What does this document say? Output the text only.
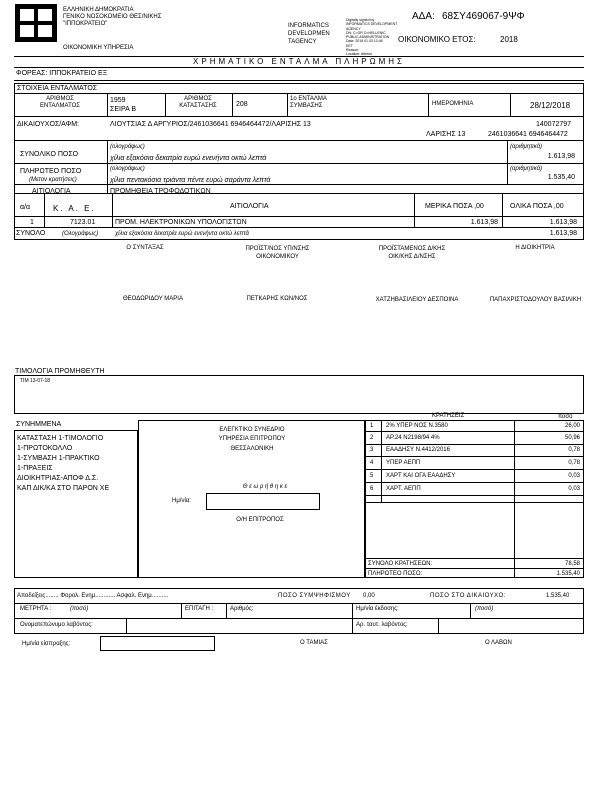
ΕΛΛΗΝΙΚΗ ΔΗΜΟΚΡΑΤΙΑ
ΓΕΝΙΚΟ ΝΟΣΟΚΟΜΕΙΟ ΘΕΣ/ΝΙΚΗΣ
"ΙΠΠΟΚΡΑΤΕΙΟ"
ΟΙΚΟΝΟΜΙΚΗ ΥΠΗΡΕΣΙΑ
INFORMATICS
DEVELOPMEN
TAGENCY
Digitally signed by
INFORMATICS DEVELOPMENT
AGENCY
DN: C=GR O=HELLENIC
PUBLIC ADMINISTRATION
Date: 2019.01.03 13:46
EET
Reason:
Location: Athens
ΑΔΑ: 68ΣΥ469067-9ΨΦ
ΟΙΚΟΝΟΜΙΚΟ ΕΤΟΣ:	2018
ΧΡΗΜΑΤΙΚΟ ΕΝΤΑΛΜΑ ΠΛΗΡΩΜΗΣ
ΦΟΡΕΑΣ: ΙΠΠΟΚΡΑΤΕΙΟ ΕΞ
ΣΤΟΙΧΕΙΑ ΕΝΤΑΛΜΑΤΟΣ
ΑΡΙΘΜΟΣ ΕΝΤΑΛΜΑΤΟΣ
1959
ΣΕΙΡΑ Β
ΑΡΙΘΜΟΣ ΚΑΤΑΣΤΑΣΗΣ	208
1ο ΕΝΤΑΛΜΑ ΣΥΜΒΑΣΗΣ	ΗΜΕΡΟΜΗΝΙΑ	28/12/2018
ΔΙΚΑΙΟΥΧΟΣ/ΑΦΜ:	ΛΙΟΥΤΣΙΑΣ Δ ΑΡΓΥΡΙΟΣ/2461036641 6946464472/ΛΑΡΙΣΗΣ 13	140072797
ΛΑΡΙΣΗΣ 13	2461036641 6946464472
ΣΥΝΟΛΙΚΟ ΠΟΣΟ
(ολογράφως)
χίλια εξακόσια δεκατρία ευρώ ενενήντα οκτώ λεπτά
(αριθμητικά)
1.613,98
ΠΛΗΡΩΤΕΟ ΠΟΣΟ
(Μετον κρατήσεις)
(ολογράφως)
χίλια πεντακόσια τριάντα πέντε ευρώ σαράντα λεπτά
(αριθμητικά)
1.535,40
ΑΙΤΙΟΛΟΓΙΑ	ΠΡΟΜΗΘΕΙΑ ΤΡΟΦΟΔΟΤΙΚΩΝ
α/α	Κ. Α. Ε.	ΑΙΤΙΟΛΟΓΙΑ	ΜΕΡΙΚΑ ΠΟΣΑ ,00	ΟΛΙΚΑ ΠΟΣΑ ,00
1	7123.01	ΠΡΟΜ. ΗΛΕΚΤΡΟΝΙΚΩΝ ΥΠΟΛΟΓΙΣΤΩΝ	1.613,98	1.613,98
ΣΥΝΟΛΟ	(Ολογράφως)	χίλια εξακόσια δεκατρία ευρώ ενενήντα οκτώ λεπτά	1.613,98
Ο ΣΥΝΤΑΞΑΣ	ΠΡΟΪΣΤ/ΝΟΣ ΥΠ/ΝΣΗΣ ΟΙΚΟΝΟΜΙΚΟΥ
ΠΡΟΪΣΤΑΜΕΝΟΣ Δ/ΚΗΣ ΟΙΚ/ΚΗΣ Δ/ΝΣΗΣ
Η ΔΙΟΙΚΗΤΡΙΑ
ΘΕΟΔΩΡΙΔΟΥ ΜΑΡΙΑ	ΠΕΤΚΑΡΗΣ ΚΩΝ/ΝΟΣ	ΧΑΤΖΗΒΑΣΙΛΕΙΟΥ ΔΕΣΠΟΙΝΑ	ΠΑΠΑΧΡΙΣΤΟΔΟΥΛΟΥ ΒΑΣΙΛΙΚΗ
ΤΙΜΟΛΟΓΙΑ ΠΡΟΜΗΘΕΥΤΗ
ΤΙΜ 13-07-18
ΣΥΝΗΜΜΕΝΑ
ΚΑΤΑΣΤΑΣΗ 1-ΤΙΜΟΛΟΓΙΟ
1-ΠΡΩΤΟΚΟΛΛΟ
1-ΣΥΜΒΑΣΗ 1-ΠΡΑΚΤΙΚΟ
1-ΠΡΑΞΕΙΣ
ΔΙΟΙΚΗΤΡΙΑΣ-ΑΠΟΦ Δ.Σ.
ΚΑΠ ΔΙΚ/ΚΑ ΣΤΟ ΠΑΡΟΝ ΧΕ
ΕΛΕΓΚΤΙΚΟ ΣΥΝΕΔΡΙΟ
ΥΠΗΡΕΣΙΑ ΕΠΙΤΡΟΠΟΥ
ΘΕΣΣΑΛΟΝΙΚΗ
Θ ε ω ρ ή θ η κ ε
Ημ/νία:
Ο/Η ΕΠΙΤΡΟΠΟΣ
ΚΡΑΤΗΣΕΙΣ	ποσό
1 2% ΥΠΕΡ ΝΟΣ Ν.3580	26,00
2 ΑΡ.24 Ν2198/94 4%	50,96
3 ΕΑΑΔΗΣΥ Ν.4412/2016	0,78
4 ΥΠΕΡ ΑΕΠΠ	0,78
5 ΧΑΡΤ ΚΑΙ ΟΓΑ ΕΑΑΔΗΣΥ	0,03
6 ΧΑΡΤ. ΑΕΠΠ	0,03
ΣΥΝΟΛΟ ΚΡΑΤΗΣΕΩΝ:	78,58
ΠΛΗΡΩΤΕΟ ΠΟΣΟ:	1.535,40
Αποδείξεις........ Φορολ. Ενημ............ Ασφαλ. Ενημ..........	ΠΟΣΟ ΣΥΜΨΗΦΙΣΜΟΥ 0,00	ΠΟΣΟ ΣΤΟ ΔΙΚΑΙΟΥΧΟ:	1.535,40
ΜΕΤΡΗΤΑ :	(ποσό)	ΕΠΙΤΑΓΗ :	Αριθμός:	Ημ/νία έκδοσης:	(ποσό)
Ονοματεπώνυμο λαβόντος:	Αρ. ταυτ. λαβόντος:
Ημ/νία είσπραξης:	Ο ΤΑΜΙΑΣ	Ο ΛΑΒΩΝ
